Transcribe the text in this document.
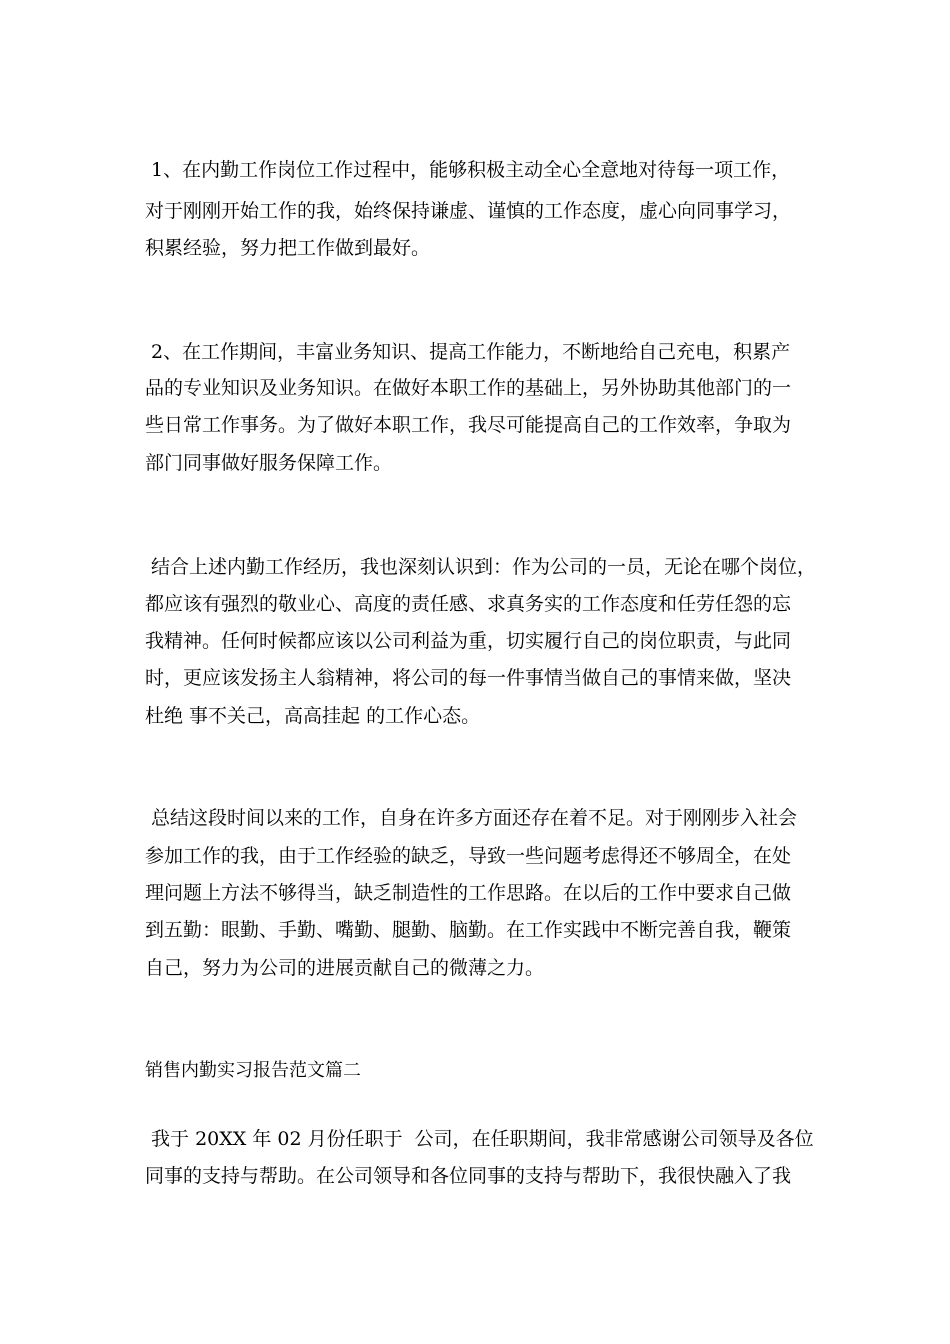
1、在内勤工作岗位工作过程中，能够积极主动全心全意地对待每一项工作，
对于刚刚开始工作的我，始终保持谦虚、谨慎的工作态度，虚心向同事学习，
积累经验，努力把工作做到最好。
2、在工作期间，丰富业务知识、提高工作能力，不断地给自己充电，积累产
品的专业知识及业务知识。在做好本职工作的基础上，另外协助其他部门的一
些日常工作事务。为了做好本职工作，我尽可能提高自己的工作效率，争取为
部门同事做好服务保障工作。
结合上述内勤工作经历，我也深刻认识到：作为公司的一员，无论在哪个岗位，
都应该有强烈的敬业心、高度的责任感、求真务实的工作态度和任劳任怨的忘
我精神。任何时候都应该以公司利益为重，切实履行自己的岗位职责，与此同
时，更应该发扬主人翁精神，将公司的每一件事情当做自己的事情来做，坚决
杜绝 事不关己，高高挂起 的工作心态。
总结这段时间以来的工作，自身在许多方面还存在着不足。对于刚刚步入社会
参加工作的我，由于工作经验的缺乏，导致一些问题考虑得还不够周全，在处
理问题上方法不够得当，缺乏制造性的工作思路。在以后的工作中要求自己做
到五勤：眼勤、手勤、嘴勤、腿勤、脑勤。在工作实践中不断完善自我，鞭策
自己，努力为公司的进展贡献自己的微薄之力。
销售内勤实习报告范文篇二
我于 20XX 年 02 月份任职于  公司，在任职期间，我非常感谢公司领导及各位
同事的支持与帮助。在公司领导和各位同事的支持与帮助下，我很快融入了我
